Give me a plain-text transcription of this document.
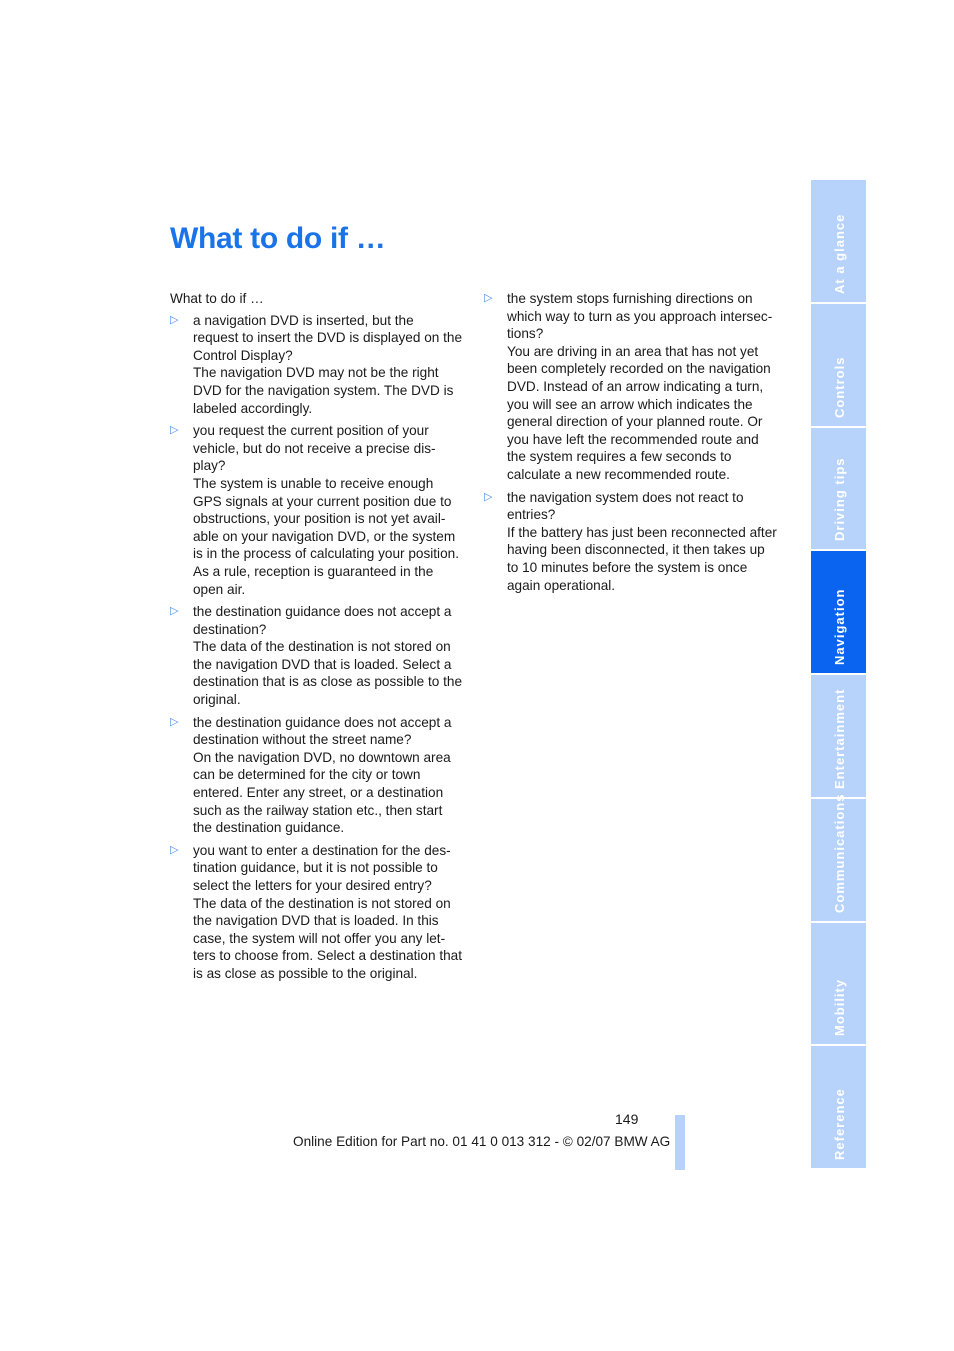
What to do if …

What to do if …

▷ a navigation DVD is inserted, but the request to insert the DVD is displayed on the Control Display?

The navigation DVD may not be the right DVD for the navigation system. The DVD is labeled accordingly.

▷ you request the current position of your vehicle, but do not receive a precise display?

The system is unable to receive enough GPS signals at your current position due to obstructions, your position is not yet available on your navigation DVD, or the system is in the process of calculating your position. As a rule, reception is guaranteed in the open air.

▷ the destination guidance does not accept a destination?

The data of the destination is not stored on the navigation DVD that is loaded. Select a destination that is as close as possible to the original.

▷ the destination guidance does not accept a destination without the street name?

On the navigation DVD, no downtown area can be determined for the city or town entered. Enter any street, or a destination such as the railway station etc., then start the destination guidance.

▷ you want to enter a destination for the destination guidance, but it is not possible to select the letters for your desired entry?

The data of the destination is not stored on the navigation DVD that is loaded. In this case, the system will not offer you any letters to choose from. Select a destination that is as close as possible to the original.

▷ the system stops furnishing directions on which way to turn as you approach intersections?

You are driving in an area that has not yet been completely recorded on the navigation DVD. Instead of an arrow indicating a turn, you will see an arrow which indicates the general direction of your planned route. Or you have left the recommended route and the system requires a few seconds to calculate a new recommended route.

▷ the navigation system does not react to entries?

If the battery has just been reconnected after having been disconnected, it then takes up to 10 minutes before the system is once again operational.

At a glance
Controls
Driving tips
Navigation
Entertainment
Communications
Mobility
Reference
149
Online Edition for Part no. 01 41 0 013 312 - © 02/07 BMW AG
